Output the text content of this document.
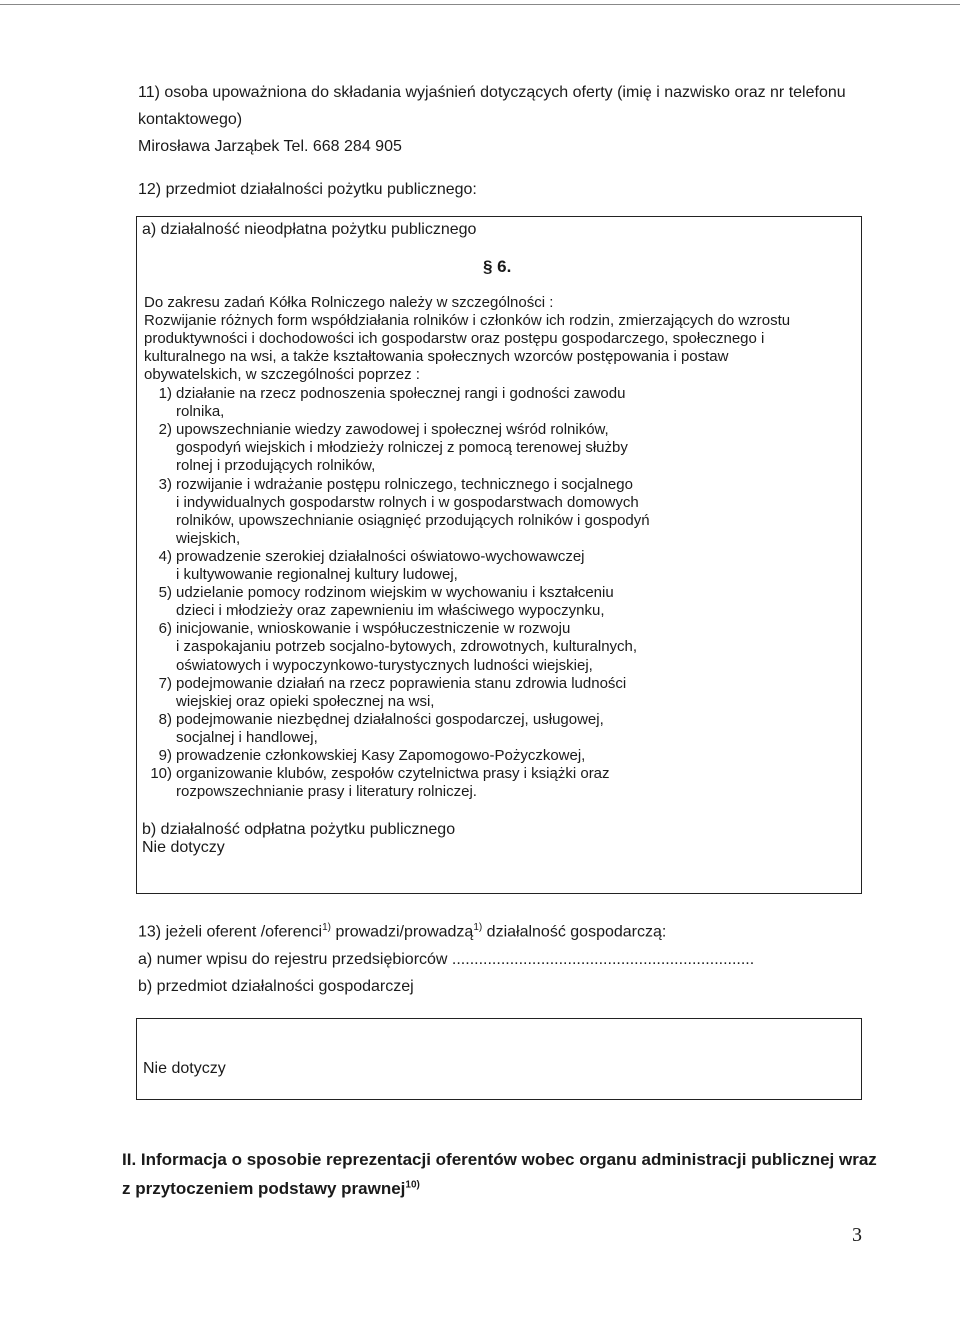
11) osoba upoważniona do składania wyjaśnień dotyczących oferty (imię i nazwisko oraz nr telefonu
kontaktowego)
Mirosława Jarząbek Tel. 668 284 905
12) przedmiot działalności pożytku publicznego:
a) działalność nieodpłatna pożytku publicznego
§ 6.
Do zakresu zadań Kółka Rolniczego należy w szczególności :
Rozwijanie różnych form współdziałania rolników i członków ich rodzin, zmierzających do wzrostu
produktywności i dochodowości ich gospodarstw oraz postępu gospodarczego, społecznego i
kulturalnego na wsi, a także kształtowania społecznych wzorców postępowania i postaw
obywatelskich, w szczególności poprzez :
1) działanie na rzecz podnoszenia społecznej rangi i godności zawodu
rolnika,
2) upowszechnianie wiedzy zawodowej i społecznej wśród rolników,
gospodyń wiejskich i młodzieży rolniczej z pomocą terenowej służby
rolnej i przodujących rolników,
3) rozwijanie i wdrażanie postępu rolniczego, technicznego i socjalnego
i indywidualnych gospodarstw rolnych i w gospodarstwach domowych
rolników, upowszechnianie osiągnięć przodujących rolników i gospodyń
wiejskich,
4) prowadzenie szerokiej działalności oświatowo-wychowawczej
i kultywowanie regionalnej kultury ludowej,
5) udzielanie pomocy rodzinom wiejskim w wychowaniu i kształceniu
dzieci i młodzieży oraz zapewnieniu im właściwego wypoczynku,
6) inicjowanie, wnioskowanie i współuczestniczenie w rozwoju
i zaspokajaniu potrzeb socjalno-bytowych, zdrowotnych, kulturalnych,
oświatowych i wypoczynkowo-turystycznych ludności wiejskiej,
7) podejmowanie działań na rzecz poprawienia stanu zdrowia ludności
wiejskiej oraz opieki społecznej na wsi,
8) podejmowanie niezbędnej działalności gospodarczej, usługowej,
socjalnej i handlowej,
9) prowadzenie członkowskiej Kasy Zapomogowo-Pożyczkowej,
10) organizowanie klubów, zespołów czytelnictwa prasy i książki oraz
rozpowszechnianie prasy i literatury rolniczej.
b) działalność odpłatna pożytku publicznego
Nie dotyczy
13) jeżeli oferent /oferenci$^{1)}$ prowadzi/prowadzą$^{1)}$ działalność gospodarczą:
a) numer wpisu do rejestru przedsiębiorców ....................................................................
b) przedmiot działalności gospodarczej
Nie dotyczy
II. Informacja o sposobie reprezentacji oferentów wobec organu administracji publicznej wraz
z przytoczeniem podstawy prawnej$^{10)}$
3
